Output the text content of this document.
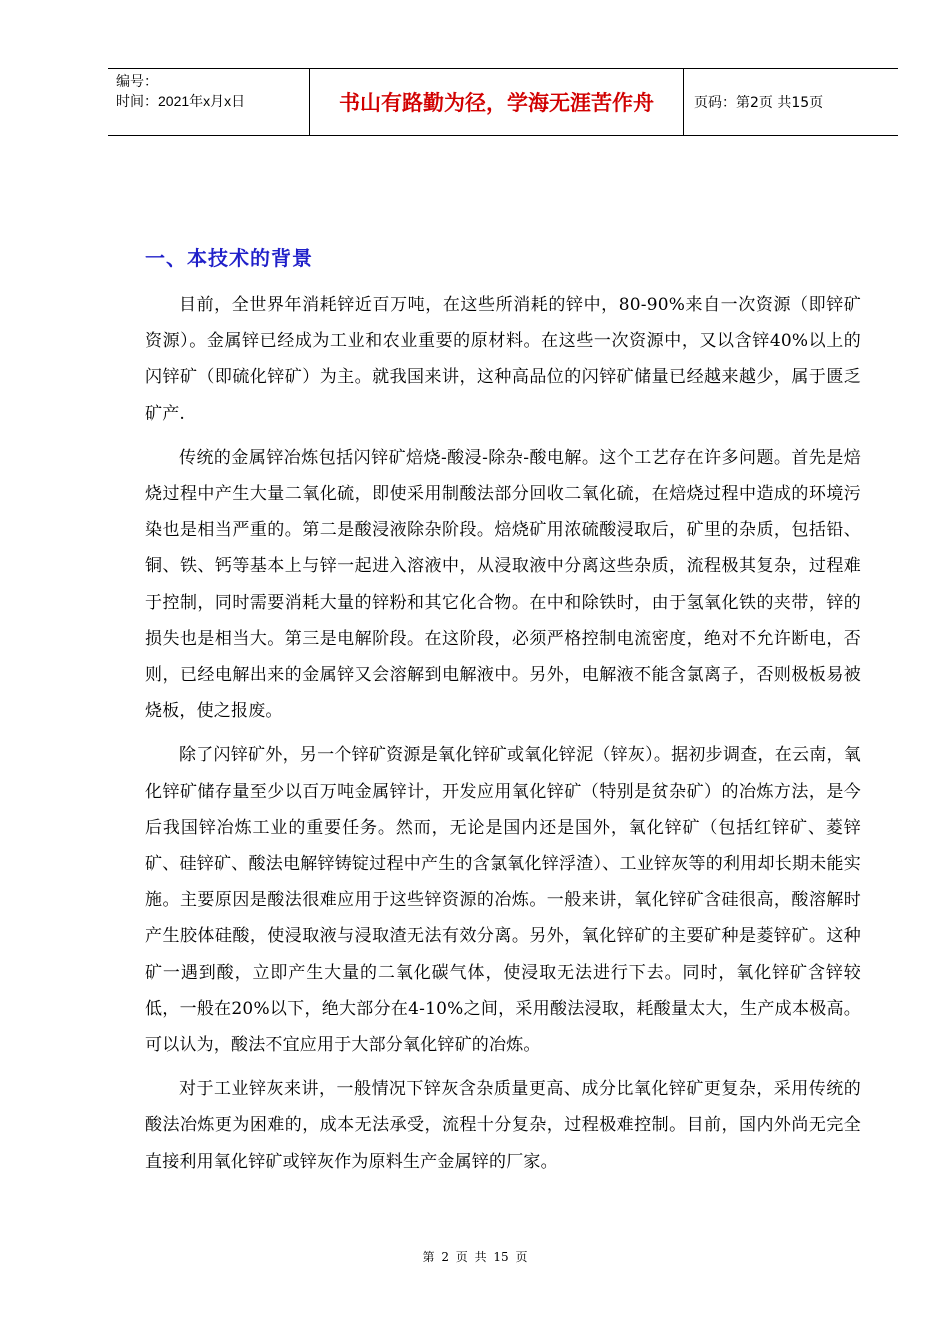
编号：
时间：2021年x月x日	书山有路勤为径，学海无涯苦作舟	页码：第2页 共15页
一、本技术的背景

目前，全世界年消耗锌近百万吨，在这些所消耗的锌中，80-90%来自一次资源（即锌矿资源）。金属锌已经成为工业和农业重要的原材料。在这些一次资源中，又以含锌40%以上的闪锌矿（即硫化锌矿）为主。就我国来讲，这种高品位的闪锌矿储量已经越来越少，属于匮乏矿产.

传统的金属锌冶炼包括闪锌矿焙烧-酸浸-除杂-酸电解。这个工艺存在许多问题。首先是焙烧过程中产生大量二氧化硫，即使采用制酸法部分回收二氧化硫，在焙烧过程中造成的环境污染也是相当严重的。第二是酸浸液除杂阶段。焙烧矿用浓硫酸浸取后，矿里的杂质，包括铅、铜、铁、钙等基本上与锌一起进入溶液中，从浸取液中分离这些杂质，流程极其复杂，过程难于控制，同时需要消耗大量的锌粉和其它化合物。在中和除铁时，由于氢氧化铁的夹带，锌的损失也是相当大。第三是电解阶段。在这阶段，必须严格控制电流密度，绝对不允许断电，否则，已经电解出来的金属锌又会溶解到电解液中。另外，电解液不能含氯离子，否则极板易被烧板，使之报废。

除了闪锌矿外，另一个锌矿资源是氧化锌矿或氧化锌泥（锌灰）。据初步调查，在云南，氧化锌矿储存量至少以百万吨金属锌计，开发应用氧化锌矿（特别是贫杂矿）的冶炼方法，是今后我国锌冶炼工业的重要任务。然而，无论是国内还是国外，氧化锌矿（包括红锌矿、菱锌矿、硅锌矿、酸法电解锌铸锭过程中产生的含氯氧化锌浮渣）、工业锌灰等的利用却长期未能实施。主要原因是酸法很难应用于这些锌资源的冶炼。一般来讲，氧化锌矿含硅很高，酸溶解时产生胶体硅酸，使浸取液与浸取渣无法有效分离。另外，氧化锌矿的主要矿种是菱锌矿。这种矿一遇到酸，立即产生大量的二氧化碳气体，使浸取无法进行下去。同时，氧化锌矿含锌较低，一般在20%以下，绝大部分在4-10%之间，采用酸法浸取，耗酸量太大，生产成本极高。可以认为，酸法不宜应用于大部分氧化锌矿的冶炼。

对于工业锌灰来讲，一般情况下锌灰含杂质量更高、成分比氧化锌矿更复杂，采用传统的酸法冶炼更为困难的，成本无法承受，流程十分复杂，过程极难控制。目前，国内外尚无完全直接利用氧化锌矿或锌灰作为原料生产金属锌的厂家。

第 2 页 共 15 页
